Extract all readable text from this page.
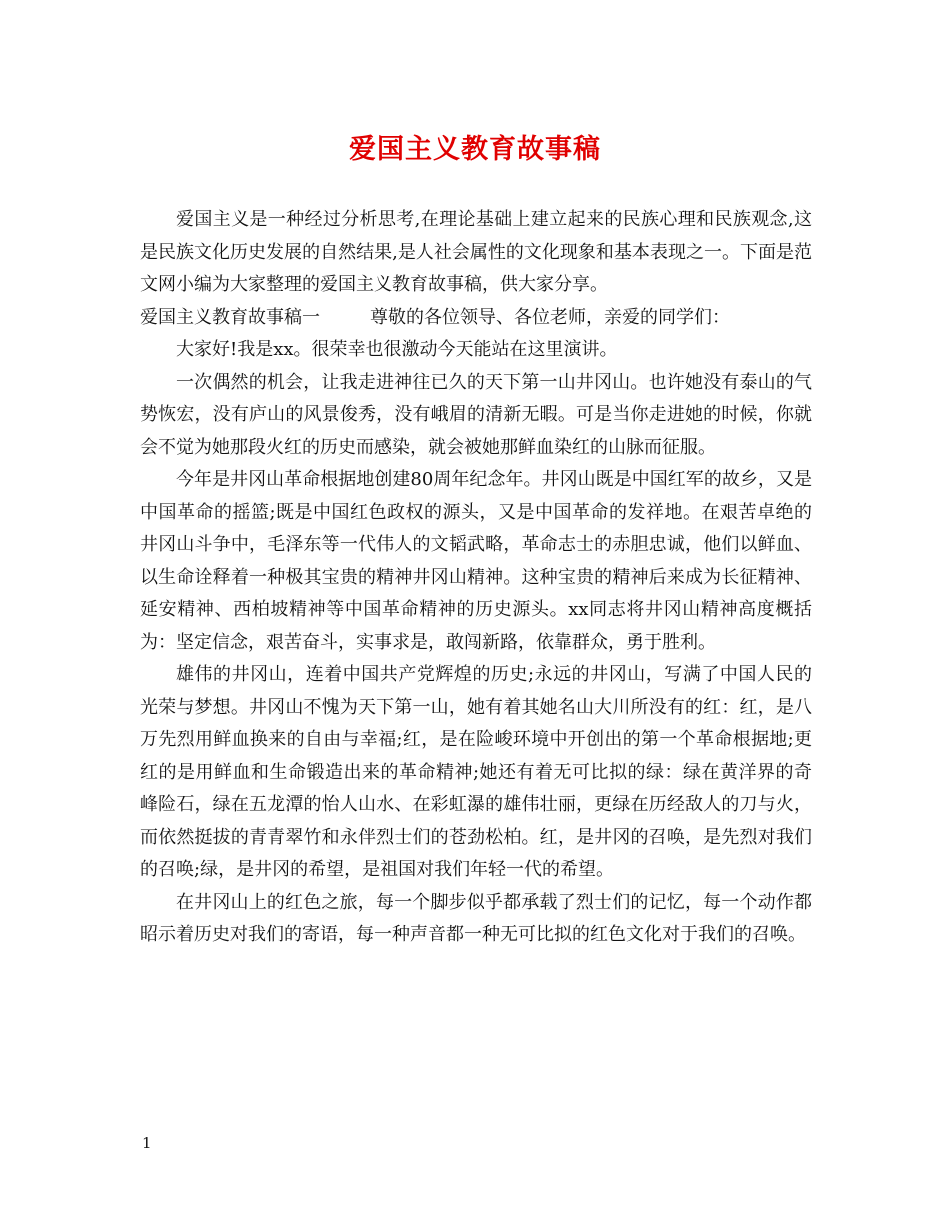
爱国主义教育故事稿

爱国主义是一种经过分析思考,在理论基础上建立起来的民族心理和民族观念,这是民族文化历史发展的自然结果,是人社会属性的文化现象和基本表现之一。下面是范文网小编为大家整理的爱国主义教育故事稿，供大家分享。

爱国主义教育故事稿一	尊敬的各位领导、各位老师，亲爱的同学们：

大家好!我是xx。很荣幸也很激动今天能站在这里演讲。

一次偶然的机会，让我走进神往已久的天下第一山井冈山。也许她没有泰山的气势恢宏，没有庐山的风景俊秀，没有峨眉的清新无暇。可是当你走进她的时候，你就会不觉为她那段火红的历史而感染，就会被她那鲜血染红的山脉而征服。

今年是井冈山革命根据地创建80周年纪念年。井冈山既是中国红军的故乡，又是中国革命的摇篮;既是中国红色政权的源头，又是中国革命的发祥地。在艰苦卓绝的井冈山斗争中，毛泽东等一代伟人的文韬武略，革命志士的赤胆忠诚，他们以鲜血、以生命诠释着一种极其宝贵的精神井冈山精神。这种宝贵的精神后来成为长征精神、延安精神、西柏坡精神等中国革命精神的历史源头。xx同志将井冈山精神高度概括为：坚定信念，艰苦奋斗，实事求是，敢闯新路，依靠群众，勇于胜利。

雄伟的井冈山，连着中国共产党辉煌的历史;永远的井冈山，写满了中国人民的光荣与梦想。井冈山不愧为天下第一山，她有着其她名山大川所没有的红：红，是八万先烈用鲜血换来的自由与幸福;红，是在险峻环境中开创出的第一个革命根据地;更红的是用鲜血和生命锻造出来的革命精神;她还有着无可比拟的绿：绿在黄洋界的奇峰险石，绿在五龙潭的怡人山水、在彩虹瀑的雄伟壮丽，更绿在历经敌人的刀与火，而依然挺拔的青青翠竹和永伴烈士们的苍劲松柏。红，是井冈的召唤，是先烈对我们的召唤;绿，是井冈的希望，是祖国对我们年轻一代的希望。

在井冈山上的红色之旅，每一个脚步似乎都承载了烈士们的记忆，每一个动作都昭示着历史对我们的寄语，每一种声音都一种无可比拟的红色文化对于我们的召唤。

1
